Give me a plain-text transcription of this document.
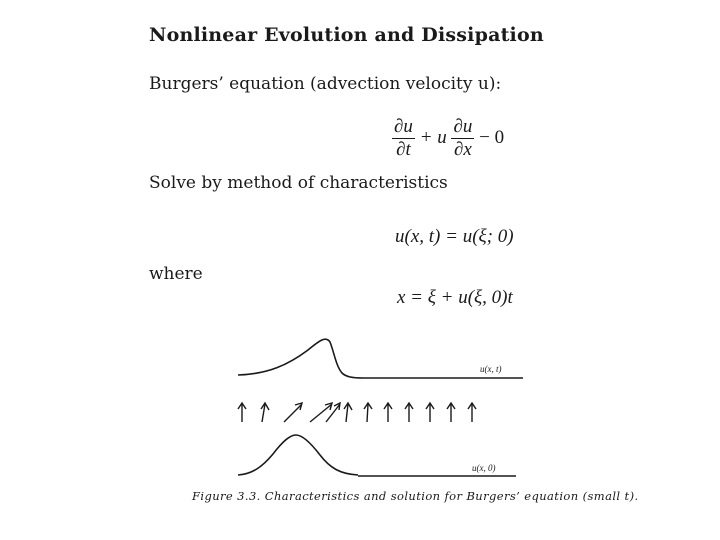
Nonlinear Evolution and Dissipation
Burgers’ equation (advection velocity u):
$\frac{\partial u}{\partial t} + u \frac{\partial u}{\partial x} - 0$
Solve by method of characteristics
u(x, t) = u(ξ; 0)
where
x = ξ + u(ξ, 0)t
u(x, t)
u(x, 0)
Figure 3.3. Characteristics and solution for Burgers’ equation (small t).
